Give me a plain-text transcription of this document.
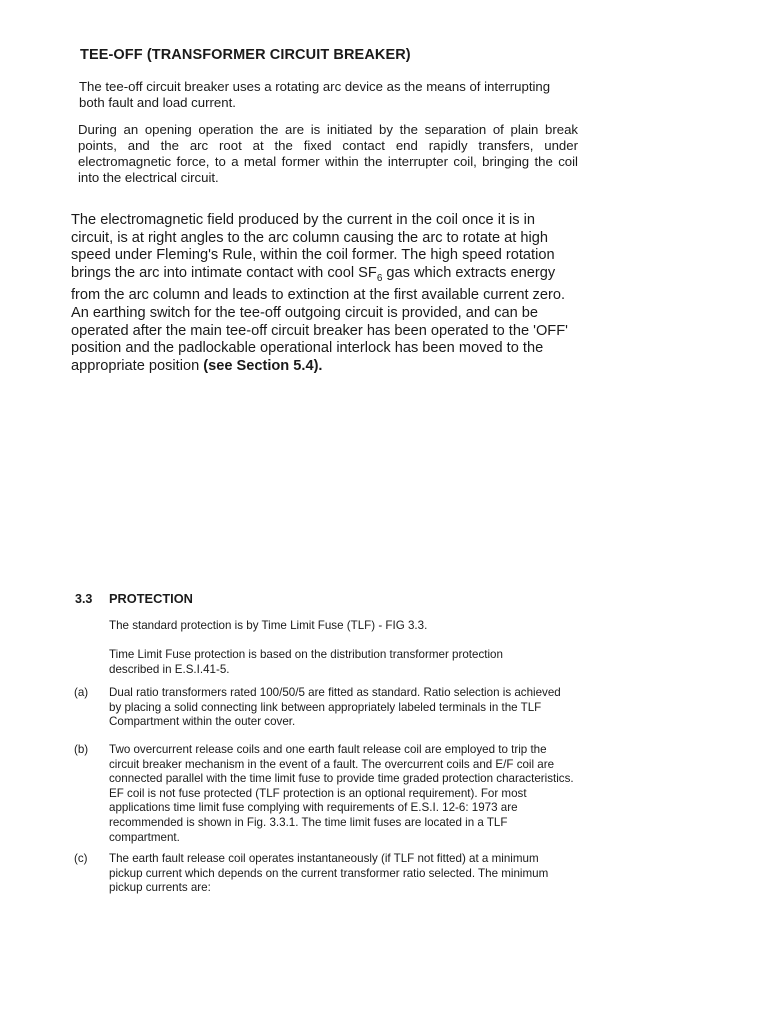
TEE-OFF (TRANSFORMER CIRCUIT BREAKER)

The tee-off circuit breaker uses a rotating arc device as the means of interrupting both fault and load current.

During an opening operation the are is initiated by the separation of plain break points, and the arc root at the fixed contact end rapidly transfers, under electromagnetic force, to a metal former within the interrupter coil, bringing the coil into the electrical circuit.

The electromagnetic field produced by the current in the coil once it is in circuit, is at right angles to the arc column causing the arc to rotate at high speed under Fleming's Rule, within the coil former. The high speed rotation brings the arc into intimate contact with cool $SF_6$ gas which extracts energy from the arc column and leads to extinction at the first available current zero.

An earthing switch for the tee-off outgoing circuit is provided, and can be operated after the main tee-off circuit breaker has been operated to the 'OFF' position and the padlockable operational interlock has been moved to the appropriate position (see Section 5.4).

3.3 PROTECTION

The standard protection is by Time Limit Fuse (TLF) - FIG 3.3.

Time Limit Fuse protection is based on the distribution transformer protection described in E.S.I.41-5.

(a) Dual ratio transformers rated 100/50/5 are fitted as standard. Ratio selection is achieved by placing a solid connecting link between appropriately labeled terminals in the TLF Compartment within the outer cover.

(b) Two overcurrent release coils and one earth fault release coil are employed to trip the circuit breaker mechanism in the event of a fault. The overcurrent coils and E/F coil are connected parallel with the time limit fuse to provide time graded protection characteristics. EF coil is not fuse protected (TLF protection is an optional requirement). For most applications time limit fuse complying with requirements of E.S.I. 12-6: 1973 are recommended is shown in Fig. 3.3.1. The time limit fuses are located in a TLF compartment.

(c) The earth fault release coil operates instantaneously (if TLF not fitted) at a minimum pickup current which depends on the current transformer ratio selected. The minimum pickup currents are:
